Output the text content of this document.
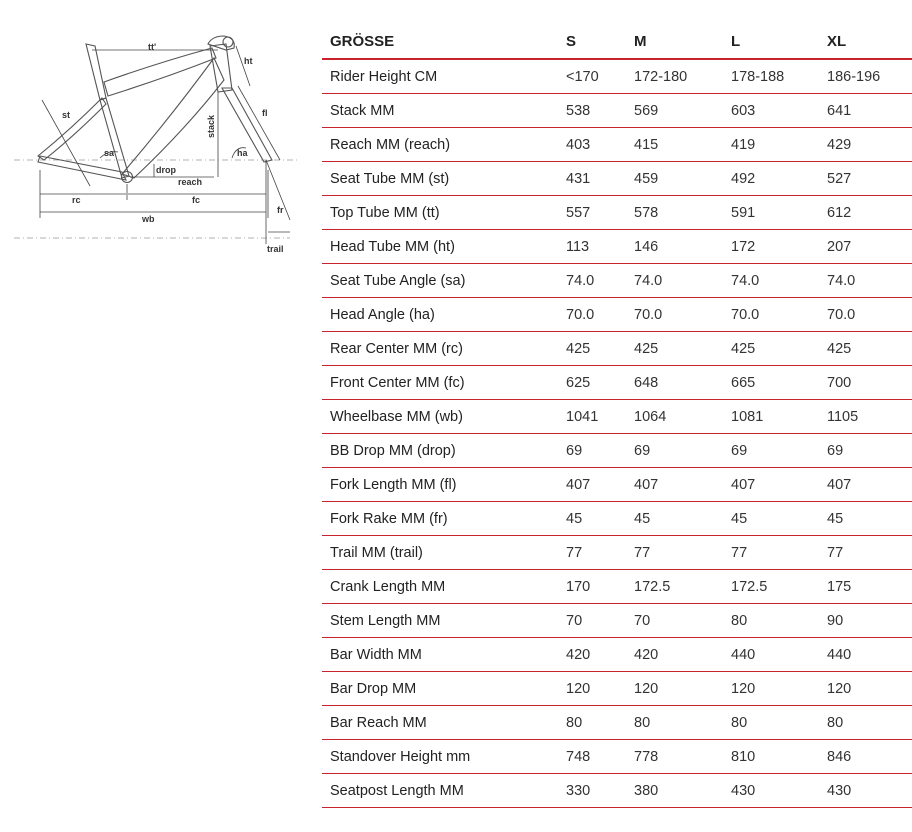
tt'
ht
st	fl
stack
sa	ha
drop
reach
rc	fc
wb
fr
trail
GRÖSSE	S	M	L	XL
Rider Height CM	<170	172-180	178-188	186-196
Stack MM	538	569	603	641
Reach MM (reach)	403	415	419	429
Seat Tube MM (st)	431	459	492	527
Top Tube MM (tt)	557	578	591	612
Head Tube MM (ht)	113	146	172	207
Seat Tube Angle (sa)	74.0	74.0	74.0	74.0
Head Angle (ha)	70.0	70.0	70.0	70.0
Rear Center MM (rc)	425	425	425	425
Front Center MM (fc)	625	648	665	700
Wheelbase MM (wb)	1041	1064	1081	1105
BB Drop MM (drop)	69	69	69	69
Fork Length MM (fl)	407	407	407	407
Fork Rake MM (fr)	45	45	45	45
Trail MM (trail)	77	77	77	77
Crank Length MM	170	172.5	172.5	175
Stem Length MM	70	70	80	90
Bar Width MM	420	420	440	440
Bar Drop MM	120	120	120	120
Bar Reach MM	80	80	80	80
Standover Height mm	748	778	810	846
Seatpost Length MM	330	380	430	430
